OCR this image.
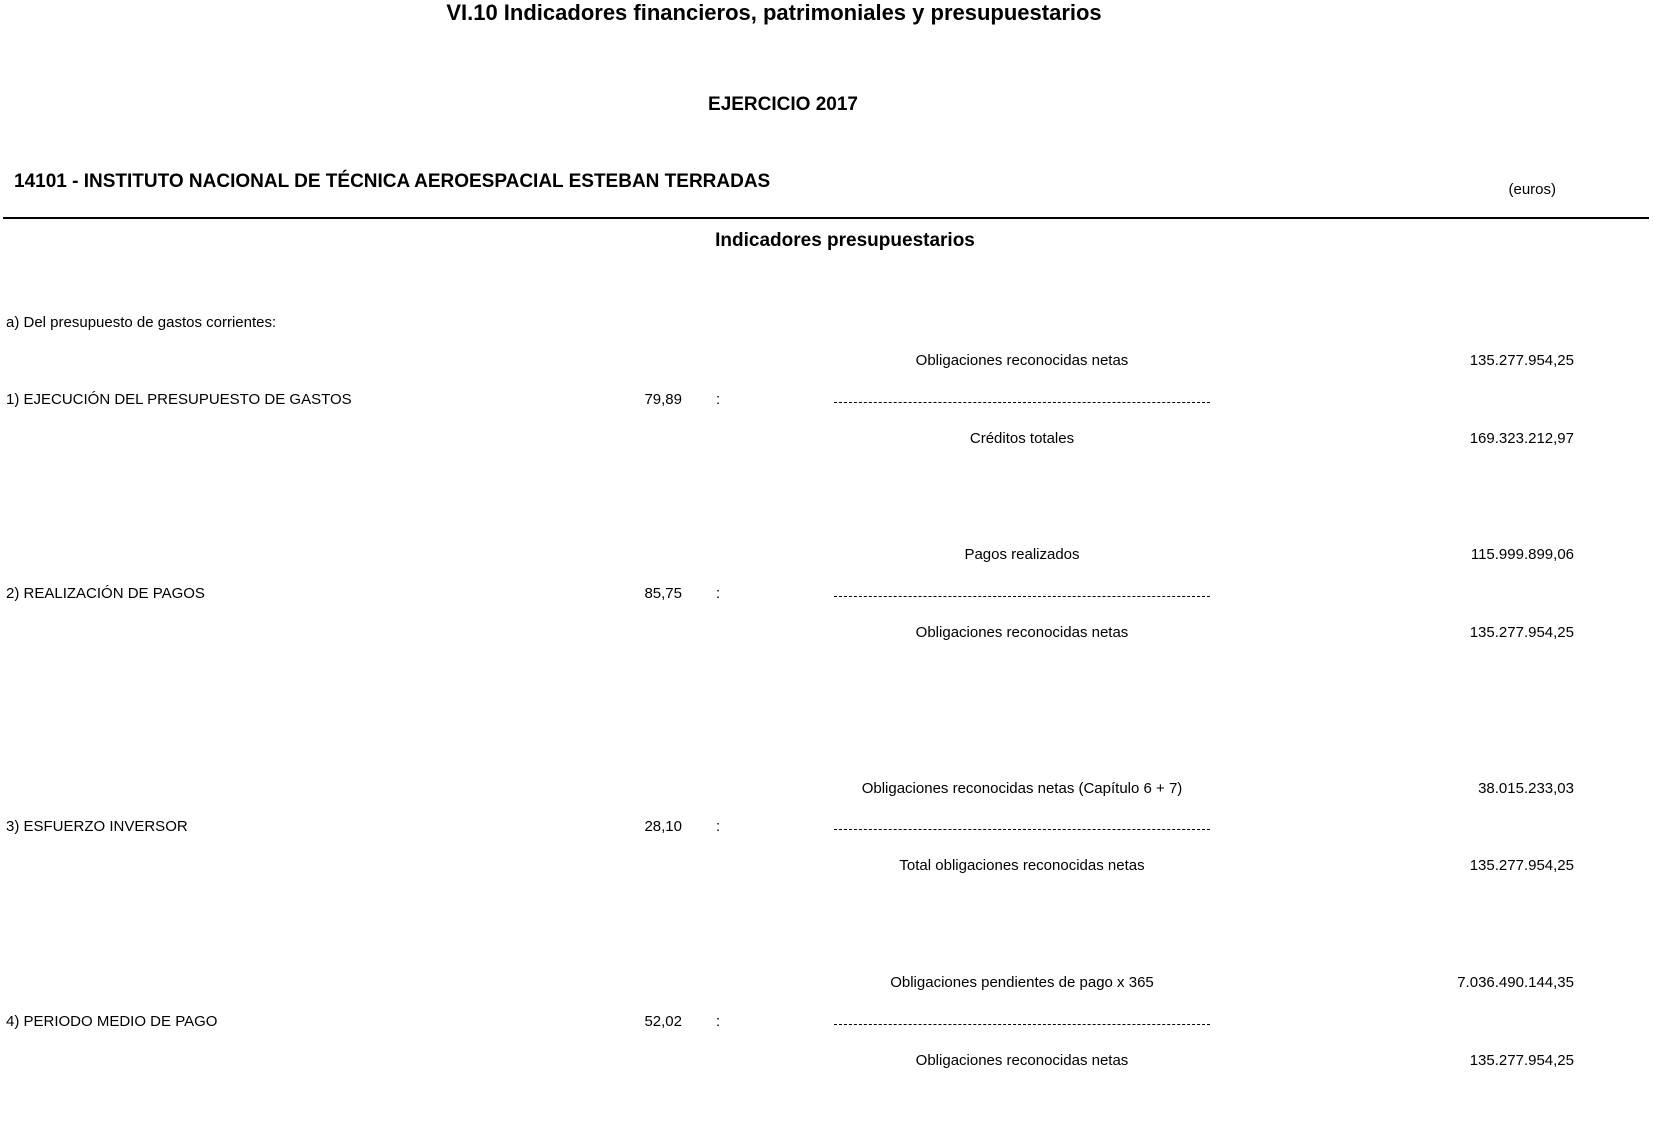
VI.10 Indicadores financieros, patrimoniales y presupuestarios
EJERCICIO 2017
14101 - INSTITUTO NACIONAL DE TÉCNICA AEROESPACIAL ESTEBAN TERRADAS	(euros)
Indicadores presupuestarios
a) Del presupuesto de gastos corrientes:
Obligaciones reconocidas netas	135.277.954,25
1) EJECUCIÓN DEL PRESUPUESTO DE GASTOS	79,89 :
Créditos totales	169.323.212,97
Pagos realizados	115.999.899,06
2) REALIZACIÓN DE PAGOS	85,75 :
Obligaciones reconocidas netas	135.277.954,25
Obligaciones reconocidas netas (Capítulo 6 + 7)	38.015.233,03
3) ESFUERZO INVERSOR	28,10 :
Total obligaciones reconocidas netas	135.277.954,25
Obligaciones pendientes de pago x 365	7.036.490.144,35
4) PERIODO MEDIO DE PAGO	52,02 :
Obligaciones reconocidas netas	135.277.954,25
